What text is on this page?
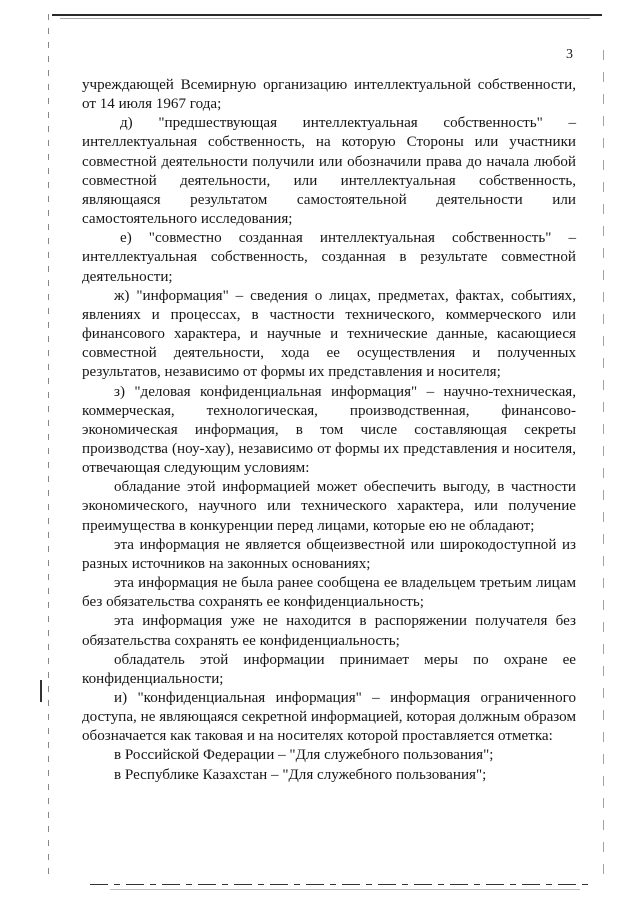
3

учреждающей Всемирную организацию интеллектуальной собственности, от 14 июля 1967 года;

д) "предшествующая интеллектуальная собственность" – интеллектуальная собственность, на которую Стороны или участники совместной деятельности получили или обозначили права до начала любой совместной деятельности, или интеллектуальная собственность, являющаяся результатом самостоятельной деятельности или самостоятельного исследования;

е) "совместно созданная интеллектуальная собственность" – интеллектуальная собственность, созданная в результате совместной деятельности;

ж) "информация" – сведения о лицах, предметах, фактах, событиях, явлениях и процессах, в частности технического, коммерческого или финансового характера, и научные и технические данные, касающиеся совместной деятельности, хода ее осуществления и полученных результатов, независимо от формы их представления и носителя;

з) "деловая конфиденциальная информация" – научно-техническая, коммерческая, технологическая, производственная, финансово-экономическая информация, в том числе составляющая секреты производства (ноу-хау), независимо от формы их представления и носителя, отвечающая следующим условиям:

обладание этой информацией может обеспечить выгоду, в частности экономического, научного или технического характера, или получение преимущества в конкуренции перед лицами, которые ею не обладают;

эта информация не является общеизвестной или широкодоступной из разных источников на законных основаниях;

эта информация не была ранее сообщена ее владельцем третьим лицам без обязательства сохранять ее конфиденциальность;

эта информация уже не находится в распоряжении получателя без обязательства сохранять ее конфиденциальность;

обладатель этой информации принимает меры по охране ее конфиденциальности;

и) "конфиденциальная информация" – информация ограниченного доступа, не являющаяся секретной информацией, которая должным образом обозначается как таковая и на носителях которой проставляется отметка:

в Российской Федерации – "Для служебного пользования";

в Республике Казахстан – "Для служебного пользования";
